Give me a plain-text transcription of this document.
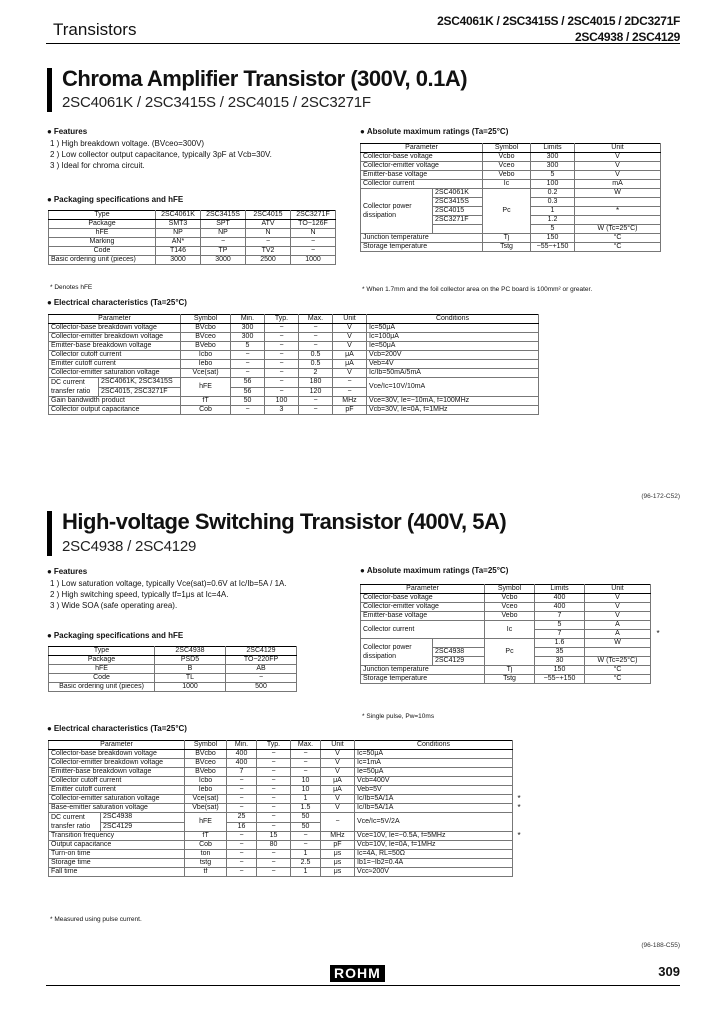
Transistors	2SC4061K / 2SC3415S / 2SC4015 / 2DC3271F
2SC4938 / 2SC4129
Chroma Amplifier Transistor (300V, 0.1A)
2SC4061K / 2SC3415S / 2SC4015 / 2SC3271F
● Features
1 ) High breakdown voltage. (BVceo=300V)
2 ) Low collector output capacitance, typically 3pF at Vcb=30V.
3 ) Ideal for chroma circuit.
● Packaging specifications and hFE
Type	2SC4061K	2SC3415S	2SC4015	2SC3271F
Package	SMT3	SPT	ATV	TO−126F
hFE	NP	NP	N	N
Marking	AN*	−	−	−
Code	T146	TP	TV2	−
Basic ordering unit (pieces)	3000	3000	2500	1000
* Denotes hFE
● Absolute maximum ratings (Ta=25°C)
Parameter		Symbol	Limits	Unit
Collector-base voltage		Vcbo	300	V
Collector-emitter voltage		Vceo	300	V
Emitter-base voltage		Vebo	5	V
Collector current		Ic	100	mA
Collector power dissipation	2SC4061K	Pc	0.2	W
	2SC3415S		0.3	
	2SC4015		1	*
	2SC3271F		1.2	
			5	W (Tc=25°C)
Junction temperature		Tj	150	°C
Storage temperature		Tstg	−55~+150	°C
* When 1.7mm and the foil collector area on the PC board is 100mm² or greater.
● Electrical characteristics (Ta=25°C)
Parameter		Symbol	Min.	Typ.	Max.	Unit	Conditions
Collector-base breakdown voltage		BVcbo	300	−	−	V	Ic=50μA
Collector-emitter breakdown voltage		BVceo	300	−	−	V	Ic=100μA
Emitter-base breakdown voltage		BVebo	5	−	−	V	Ie=50μA
Collector cutoff current		Icbo	−	−	0.5	μA	Vcb=200V
Emitter cutoff current		Iebo	−	−	0.5	μA	Veb=4V
Collector-emitter saturation voltage		Vce(sat)	−	−	2	V	Ic/Ib=50mA/5mA

DC current
transfer ratio	2SC4061K, 2SC3415S	hFE	56	−	180	−	Vce/Ic=10V/10mA
	2SC4015, 2SC3271F		56	−	120	−	
Gain bandwidth product		fT	50	100	−	MHz	Vce=30V, Ie=−10mA, f=100MHz
Collector output capacitance		Cob	−	3	−	pF	Vcb=30V, Ie=0A, f=1MHz
(96-172-C52)
High-voltage Switching Transistor (400V, 5A)
2SC4938 / 2SC4129
● Features
1 ) Low saturation voltage, typically Vce(sat)=0.6V at Ic/Ib=5A / 1A.
2 ) High switching speed, typically tf=1μs at Ic=4A.
3 ) Wide SOA (safe operating area).
● Packaging specifications and hFE
Type	2SC4938	2SC4129
Package	PSD5	TO−220FP
hFE	B	AB
Code	TL	−
Basic ordering unit (pieces)	1000	500
● Absolute maximum ratings (Ta=25°C)
Parameter		Symbol	Limits	Unit	
Collector-base voltage		Vcbo	400	V	
Collector-emitter voltage		Vceo	400	V	
Emitter-base voltage		Vebo	7	V	
Collector current		Ic	5	A	
			7	A	*
Collector power dissipation		Pc	1.6	W	
	2SC4938		35		
	2SC4129		30	W (Tc=25°C)	
Junction temperature		Tj	150	°C	
Storage temperature		Tstg	−55~+150	°C	
* Single pulse, Pw=10ms
● Electrical characteristics (Ta=25°C)
Parameter		Symbol	Min.	Typ.	Max.	Unit	Conditions	
Collector-base breakdown voltage		BVcbo	400	−	−	V	Ic=50μA	
Collector-emitter breakdown voltage		BVceo	400	−	−	V	Ic=1mA	
Emitter-base breakdown voltage		BVebo	7	−	−	V	Ie=50μA	
Collector cutoff current		Icbo	−	−	10	μA	Vcb=400V	
Emitter cutoff current		Iebo	−	−	10	μA	Veb=5V	
Collector-emitter saturation voltage		Vce(sat)	−	−	1	V	Ic/Ib=5A/1A	*
Base-emitter saturation voltage		Vbe(sat)	−	−	1.5	V	Ic/Ib=5A/1A	*
DC current transfer ratio	2SC4938	hFE	25	−	50	−	Vce/Ic=5V/2A	
	2SC4129		16	−	50			
Transition frequency		fT	−	15	−	MHz	Vce=10V, Ie=−0.5A, f=5MHz	*
Output capacitance		Cob	−	80	−	pF	Vcb=10V, Ie=0A, f=1MHz	
Turn-on time		ton	−	−	1	μs	Ic=4A, RL=50Ω	
Storage time		tstg	−	−	2.5	μs	Ib1=−Ib2=0.4A	
Fall time		tf	−	−	1	μs	Vcc≈200V	
* Measured using pulse current.
(96-188-C55)
ROHM	309
